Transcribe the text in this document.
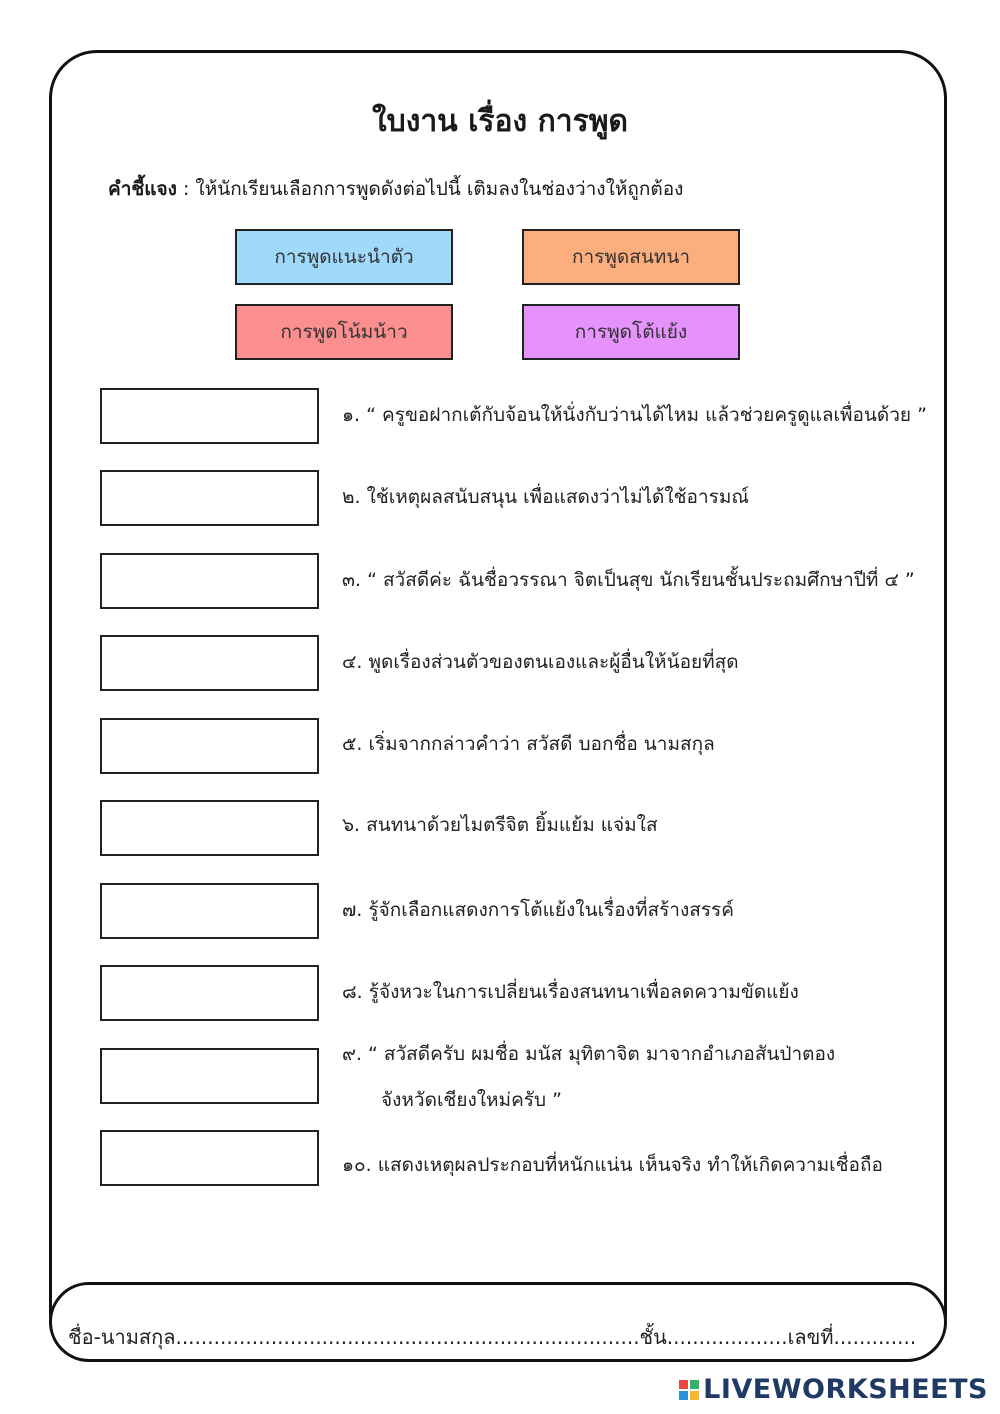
ใบงาน เรื่อง การพูด
คำชี้แจง : ให้นักเรียนเลือกการพูดดังต่อไปนี้ เติมลงในช่องว่างให้ถูกต้อง
การพูดแนะนำตัว	การพูดสนทนา
การพูดโน้มน้าว	การพูดโต้แย้ง
๑. “ ครูขอฝากเต้กับจ้อนให้นั่งกับว่านได้ไหม แล้วช่วยครูดูแลเพื่อนด้วย ”
๒. ใช้เหตุผลสนับสนุน เพื่อแสดงว่าไม่ได้ใช้อารมณ์
๓. “ สวัสดีค่ะ ฉันชื่อวรรณา จิตเป็นสุข นักเรียนชั้นประถมศึกษาปีที่ ๔ ”
๔. พูดเรื่องส่วนตัวของตนเองและผู้อื่นให้น้อยที่สุด
๕. เริ่มจากกล่าวคำว่า สวัสดี บอกชื่อ นามสกุล
๖. สนทนาด้วยไมตรีจิต ยิ้มแย้ม แจ่มใส
๗. รู้จักเลือกแสดงการโต้แย้งในเรื่องที่สร้างสรรค์
๘. รู้จังหวะในการเปลี่ยนเรื่องสนทนาเพื่อลดความขัดแย้ง
๙. “ สวัสดีครับ ผมชื่อ มนัส มุทิตาจิต มาจากอำเภอสันป่าตอง
จังหวัดเชียงใหม่ครับ ”
๑๐. แสดงเหตุผลประกอบที่หนักแน่น เห็นจริง ทำให้เกิดความเชื่อถือ
ชื่อ-นามสกุล.........................................................................ชั้น...................เลขที่.............
LIVEWORKSHEETS
